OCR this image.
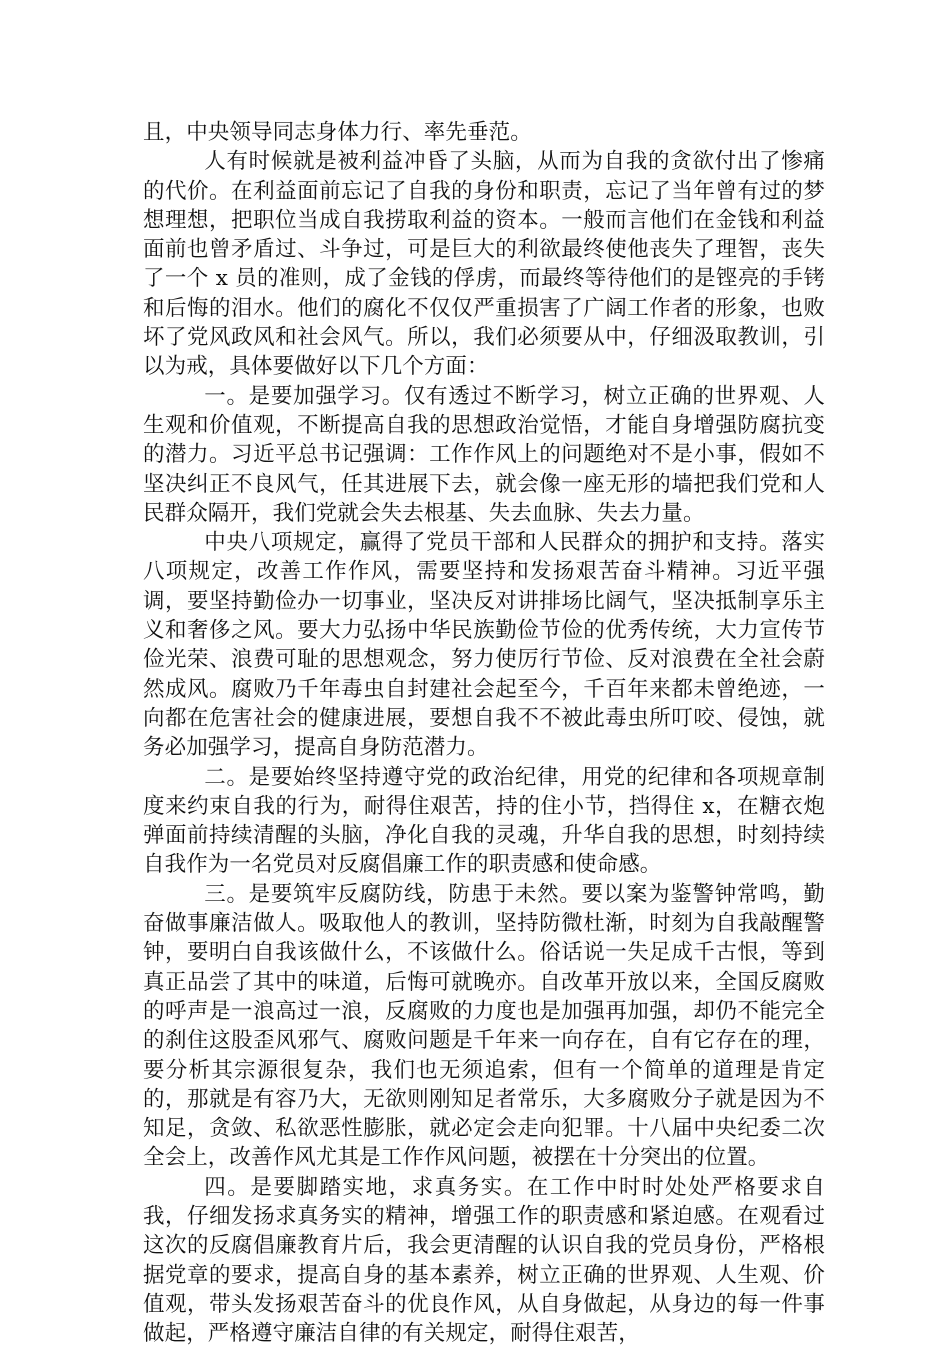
且，中央领导同志身体力行、率先垂范。

人有时候就是被利益冲昏了头脑，从而为自我的贪欲付出了惨痛的代价。在利益面前忘记了自我的身份和职责，忘记了当年曾有过的梦想理想，把职位当成自我捞取利益的资本。一般而言他们在金钱和利益面前也曾矛盾过、斗争过，可是巨大的利欲最终使他丧失了理智，丧失了一个 x 员的准则，成了金钱的俘虏，而最终等待他们的是铿亮的手铐和后悔的泪水。他们的腐化不仅仅严重损害了广阔工作者的形象，也败坏了党风政风和社会风气。所以，我们必须要从中，仔细汲取教训，引以为戒，具体要做好以下几个方面：

一。是要加强学习。仅有透过不断学习，树立正确的世界观、人生观和价值观，不断提高自我的思想政治觉悟，才能自身增强防腐抗变的潜力。习近平总书记强调：工作作风上的问题绝对不是小事，假如不坚决纠正不良风气，任其进展下去，就会像一座无形的墙把我们党和人民群众隔开，我们党就会失去根基、失去血脉、失去力量。

中央八项规定，赢得了党员干部和人民群众的拥护和支持。落实八项规定，改善工作作风，需要坚持和发扬艰苦奋斗精神。习近平强调，要坚持勤俭办一切事业，坚决反对讲排场比阔气，坚决抵制享乐主义和奢侈之风。要大力弘扬中华民族勤俭节俭的优秀传统，大力宣传节俭光荣、浪费可耻的思想观念，努力使厉行节俭、反对浪费在全社会蔚然成风。腐败乃千年毒虫自封建社会起至今，千百年来都未曾绝迹，一向都在危害社会的健康进展，要想自我不不被此毒虫所叮咬、侵蚀，就务必加强学习，提高自身防范潜力。

二。是要始终坚持遵守党的政治纪律，用党的纪律和各项规章制度来约束自我的行为，耐得住艰苦，持的住小节，挡得住 x，在糖衣炮弹面前持续清醒的头脑，净化自我的灵魂，升华自我的思想，时刻持续自我作为一名党员对反腐倡廉工作的职责感和使命感。

三。是要筑牢反腐防线，防患于未然。要以案为鉴警钟常鸣，勤奋做事廉洁做人。吸取他人的教训，坚持防微杜渐，时刻为自我敲醒警钟，要明白自我该做什么，不该做什么。俗话说一失足成千古恨，等到真正品尝了其中的味道，后悔可就晚亦。自改革开放以来，全国反腐败的呼声是一浪高过一浪，反腐败的力度也是加强再加强，却仍不能完全的刹住这股歪风邪气、腐败问题是千年来一向存在，自有它存在的理，要分析其宗源很复杂，我们也无须追索，但有一个简单的道理是肯定的，那就是有容乃大，无欲则刚知足者常乐，大多腐败分子就是因为不知足，贪敛、私欲恶性膨胀，就必定会走向犯罪。十八届中央纪委二次全会上，改善作风尤其是工作作风问题，被摆在十分突出的位置。

四。是要脚踏实地，求真务实。在工作中时时处处严格要求自我，仔细发扬求真务实的精神，增强工作的职责感和紧迫感。在观看过这次的反腐倡廉教育片后，我会更清醒的认识自我的党员身份，严格根据党章的要求，提高自身的基本素养，树立正确的世界观、人生观、价值观，带头发扬艰苦奋斗的优良作风，从自身做起，从身边的每一件事做起，严格遵守廉洁自律的有关规定，耐得住艰苦，
